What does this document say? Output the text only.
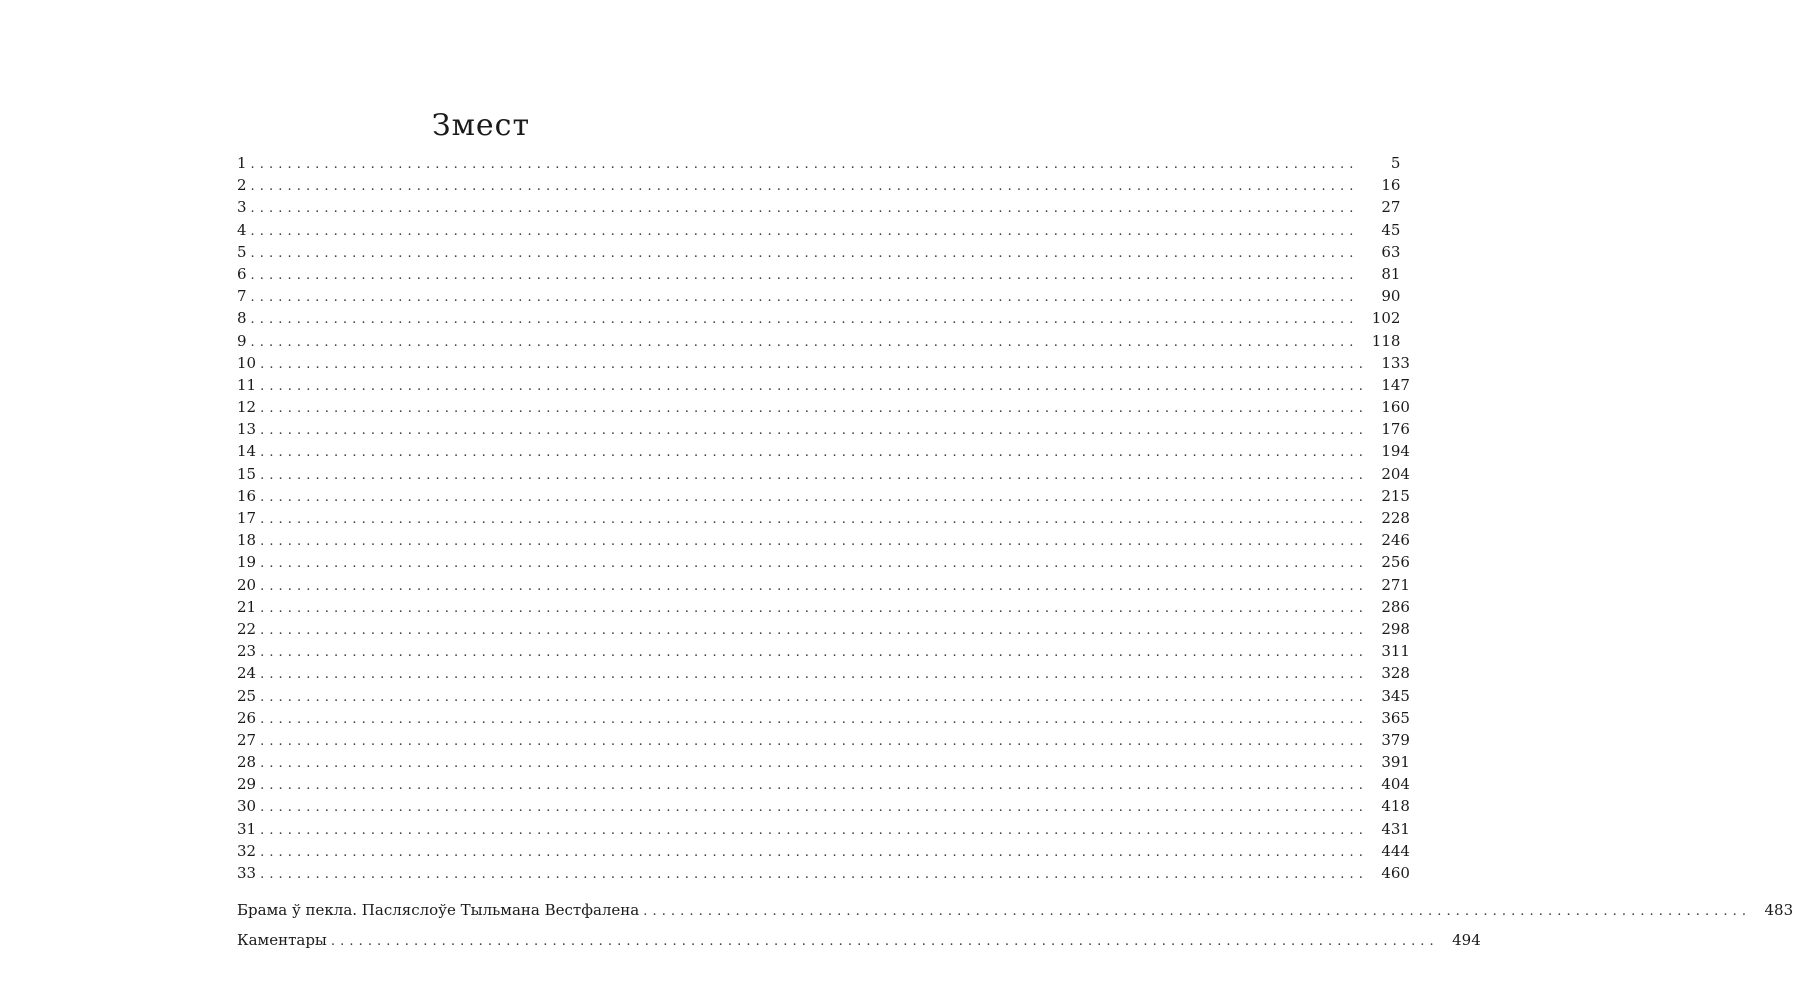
Змест
1 ........................................................................................................................	5
2 ........................................................................................................................	16
3 ........................................................................................................................	27
4 ........................................................................................................................	45
5 ........................................................................................................................	63
6 ........................................................................................................................	81
7 ........................................................................................................................	90
8 ........................................................................................................................ 102
9 ........................................................................................................................ 118
10 ........................................................................................................................ 133
11 ........................................................................................................................ 147
12 ........................................................................................................................ 160
13 ........................................................................................................................ 176
14 ........................................................................................................................ 194
15 ........................................................................................................................ 204
16 ........................................................................................................................ 215
17 ........................................................................................................................ 228
18 ........................................................................................................................ 246
19 ........................................................................................................................ 256
20 ........................................................................................................................ 271
21 ........................................................................................................................ 286
22 ........................................................................................................................ 298
23 ........................................................................................................................ 311
24 ........................................................................................................................ 328
25 ........................................................................................................................ 345
26 ........................................................................................................................ 365
27 ........................................................................................................................ 379
28 ........................................................................................................................ 391
29 ........................................................................................................................ 404
30 ........................................................................................................................ 418
31 ........................................................................................................................ 431
32 ........................................................................................................................ 444
33 ........................................................................................................................ 460
Брама ў пекла. Пасляслоўе Тыльмана Вестфалена ........................................................................................................................ 483
Каментары ........................................................................................................................ 494
